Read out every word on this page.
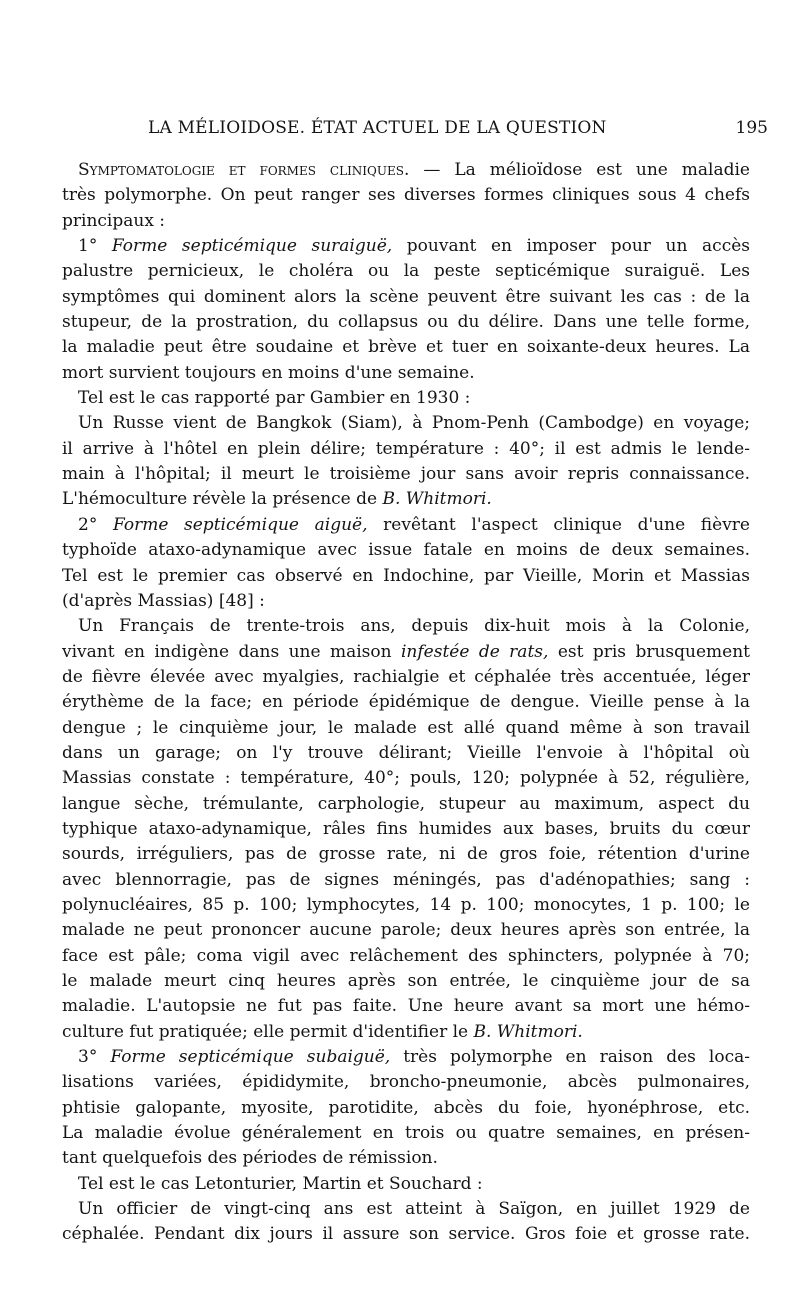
LA MÉLIOIDOSE. ÉTAT ACTUEL DE LA QUESTION	195
Symptomatologie et formes cliniques. — La mélioïdose est une maladie
très polymorphe. On peut ranger ses diverses formes cliniques sous 4 chefs
principaux :
1° Forme septicémique suraiguë, pouvant en imposer pour un accès
palustre pernicieux, le choléra ou la peste septicémique suraiguë. Les
symptômes qui dominent alors la scène peuvent être suivant les cas : de la
stupeur, de la prostration, du collapsus ou du délire. Dans une telle forme,
la maladie peut être soudaine et brève et tuer en soixante-deux heures. La
mort survient toujours en moins d'une semaine.
Tel est le cas rapporté par Gambier en 1930 :
Un Russe vient de Bangkok (Siam), à Pnom-Penh (Cambodge) en voyage;
il arrive à l'hôtel en plein délire; température : 40°; il est admis le lende-
main à l'hôpital; il meurt le troisième jour sans avoir repris connaissance.
L'hémoculture révèle la présence de B. Whitmori.
2° Forme septicémique aiguë, revêtant l'aspect clinique d'une fièvre
typhoïde ataxo-adynamique avec issue fatale en moins de deux semaines.
Tel est le premier cas observé en Indochine, par Vieille, Morin et Massias
(d'après Massias) [48] :
Un Français de trente-trois ans, depuis dix-huit mois à la Colonie,
vivant en indigène dans une maison infestée de rats, est pris brusquement
de fièvre élevée avec myalgies, rachialgie et céphalée très accentuée, léger
érythème de la face; en période épidémique de dengue. Vieille pense à la
dengue ; le cinquième jour, le malade est allé quand même à son travail
dans un garage; on l'y trouve délirant; Vieille l'envoie à l'hôpital où
Massias constate : température, 40°; pouls, 120; polypnée à 52, régulière,
langue sèche, trémulante, carphologie, stupeur au maximum, aspect du
typhique ataxo-adynamique, râles fins humides aux bases, bruits du cœur
sourds, irréguliers, pas de grosse rate, ni de gros foie, rétention d'urine
avec blennorragie, pas de signes méningés, pas d'adénopathies; sang :
polynucléaires, 85 p. 100; lymphocytes, 14 p. 100; monocytes, 1 p. 100; le
malade ne peut prononcer aucune parole; deux heures après son entrée, la
face est pâle; coma vigil avec relâchement des sphincters, polypnée à 70;
le malade meurt cinq heures après son entrée, le cinquième jour de sa
maladie. L'autopsie ne fut pas faite. Une heure avant sa mort une hémo-
culture fut pratiquée; elle permit d'identifier le B. Whitmori.
3° Forme septicémique subaiguë, très polymorphe en raison des loca-
lisations variées, épididymite, broncho-pneumonie, abcès pulmonaires,
phtisie galopante, myosite, parotidite, abcès du foie, hyonéphrose, etc.
La maladie évolue généralement en trois ou quatre semaines, en présen-
tant quelquefois des périodes de rémission.
Tel est le cas Letonturier, Martin et Souchard :
Un officier de vingt-cinq ans est atteint à Saïgon, en juillet 1929 de
céphalée. Pendant dix jours il assure son service. Gros foie et grosse rate.
